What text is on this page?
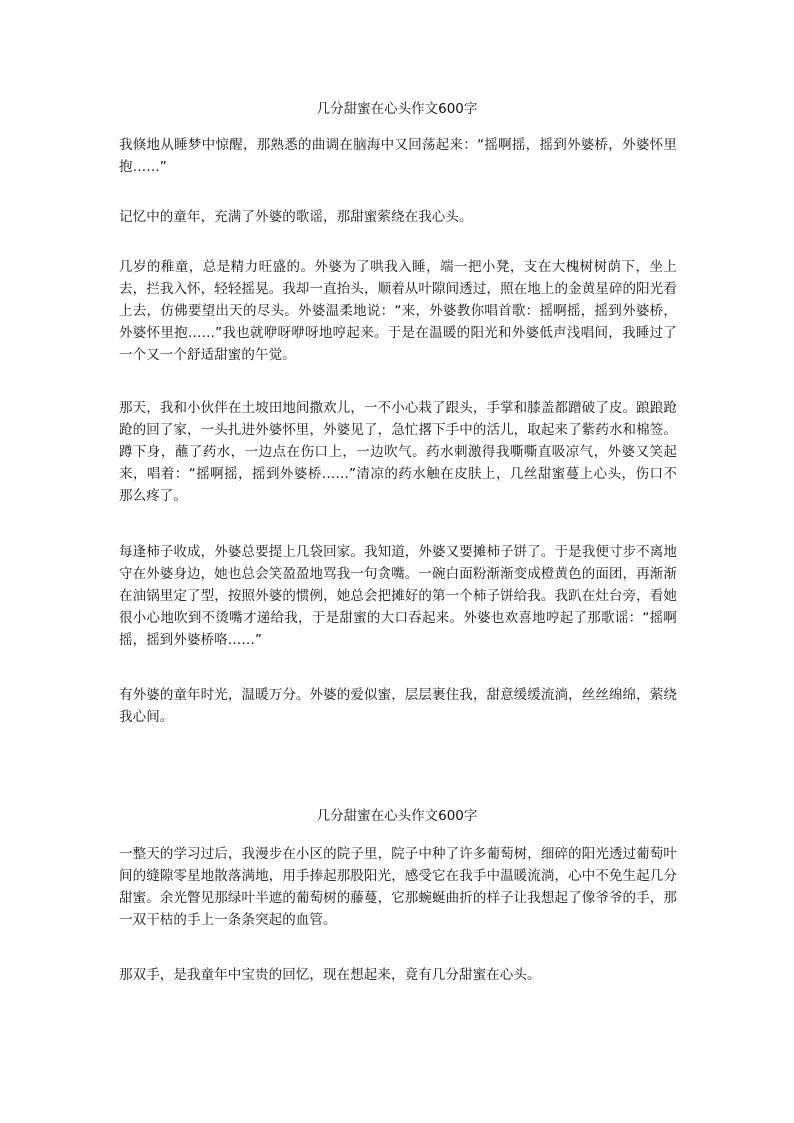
几分甜蜜在心头作文600字

我倏地从睡梦中惊醒，那熟悉的曲调在脑海中又回荡起来：“摇啊摇，摇到外婆桥，外婆怀里抱……”

记忆中的童年，充满了外婆的歌谣，那甜蜜萦绕在我心头。

几岁的稚童，总是精力旺盛的。外婆为了哄我入睡，端一把小凳，支在大槐树树荫下，坐上去，拦我入怀，轻轻摇晃。我却一直抬头，顺着从叶隙间透过，照在地上的金黄星碎的阳光看上去，仿佛要望出天的尽头。外婆温柔地说：“来，外婆教你唱首歌：摇啊摇，摇到外婆桥，外婆怀里抱……”我也就咿呀咿呀地哼起来。于是在温暖的阳光和外婆低声浅唱间，我睡过了一个又一个舒适甜蜜的午觉。

那天，我和小伙伴在土坡田地间撒欢儿，一不小心栽了跟头，手掌和膝盖都蹭破了皮。踉踉跄跄的回了家，一头扎进外婆怀里，外婆见了，急忙撂下手中的活儿，取起来了紫药水和棉签。蹲下身，蘸了药水，一边点在伤口上，一边吹气。药水刺激得我嘶嘶直吸凉气，外婆又笑起来，唱着：“摇啊摇，摇到外婆桥……”清凉的药水触在皮肤上，几丝甜蜜蔓上心头，伤口不那么疼了。

每逢柿子收成，外婆总要提上几袋回家。我知道，外婆又要摊柿子饼了。于是我便寸步不离地守在外婆身边，她也总会笑盈盈地骂我一句贪嘴。一碗白面粉渐渐变成橙黄色的面团，再渐渐在油锅里定了型，按照外婆的惯例，她总会把摊好的第一个柿子饼给我。我趴在灶台旁，看她很小心地吹到不烫嘴才递给我，于是甜蜜的大口吞起来。外婆也欢喜地哼起了那歌谣：“摇啊摇，摇到外婆桥咯……”

有外婆的童年时光，温暖万分。外婆的爱似蜜，层层裹住我，甜意缓缓流淌，丝丝绵绵，萦绕我心间。

几分甜蜜在心头作文600字

一整天的学习过后，我漫步在小区的院子里，院子中种了许多葡萄树，细碎的阳光透过葡萄叶间的缝隙零星地散落满地，用手捧起那股阳光，感受它在我手中温暖流淌，心中不免生起几分甜蜜。余光瞥见那绿叶半遮的葡萄树的藤蔓，它那蜿蜒曲折的样子让我想起了像爷爷的手，那一双干枯的手上一条条突起的血管。

那双手，是我童年中宝贵的回忆，现在想起来，竟有几分甜蜜在心头。
